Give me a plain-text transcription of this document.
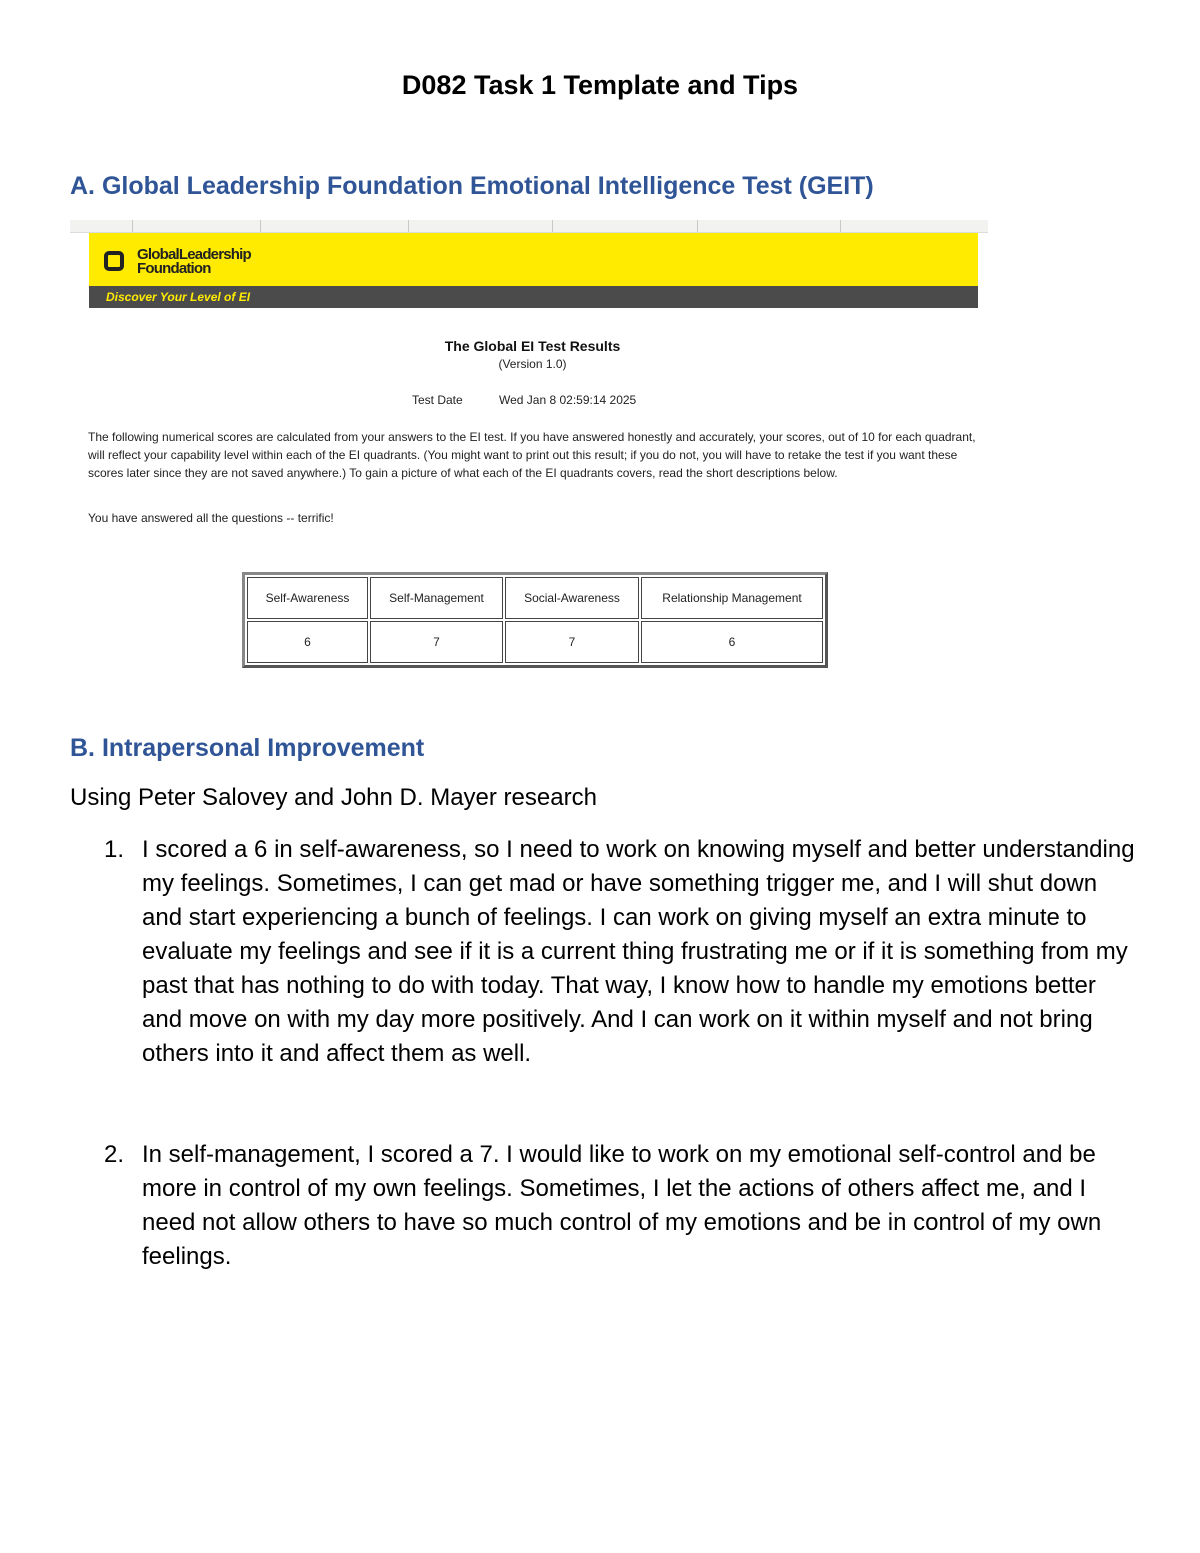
D082 Task 1 Template and Tips
A. Global Leadership Foundation Emotional Intelligence Test (GEIT)
GlobalLeadership
Foundation
Discover Your Level of EI
The Global EI Test Results
(Version 1.0)
Test Date	Wed Jan 8 02:59:14 2025

The following numerical scores are calculated from your answers to the EI test. If you have answered honestly and accurately, your scores, out of 10 for each quadrant, will reflect your capability level within each of the EI quadrants. (You might want to print out this result; if you do not, you will have to retake the test if you want these scores later since they are not saved anywhere.) To gain a picture of what each of the EI quadrants covers, read the short descriptions below.

You have answered all the questions -- terrific!
Self-Awareness	Self-Management	Social-Awareness	Relationship Management
6	7	7	6
B. Intrapersonal Improvement

Using Peter Salovey and John D. Mayer research

1. I scored a 6 in self-awareness, so I need to work on knowing myself and better understanding my feelings. Sometimes, I can get mad or have something trigger me, and I will shut down and start experiencing a bunch of feelings. I can work on giving myself an extra minute to evaluate my feelings and see if it is a current thing frustrating me or if it is something from my past that has nothing to do with today. That way, I know how to handle my emotions better and move on with my day more positively. And I can work on it within myself and not bring others into it and affect them as well.

2. In self-management, I scored a 7. I would like to work on my emotional self-control and be more in control of my own feelings. Sometimes, I let the actions of others affect me, and I need not allow others to have so much control of my emotions and be in control of my own feelings.
